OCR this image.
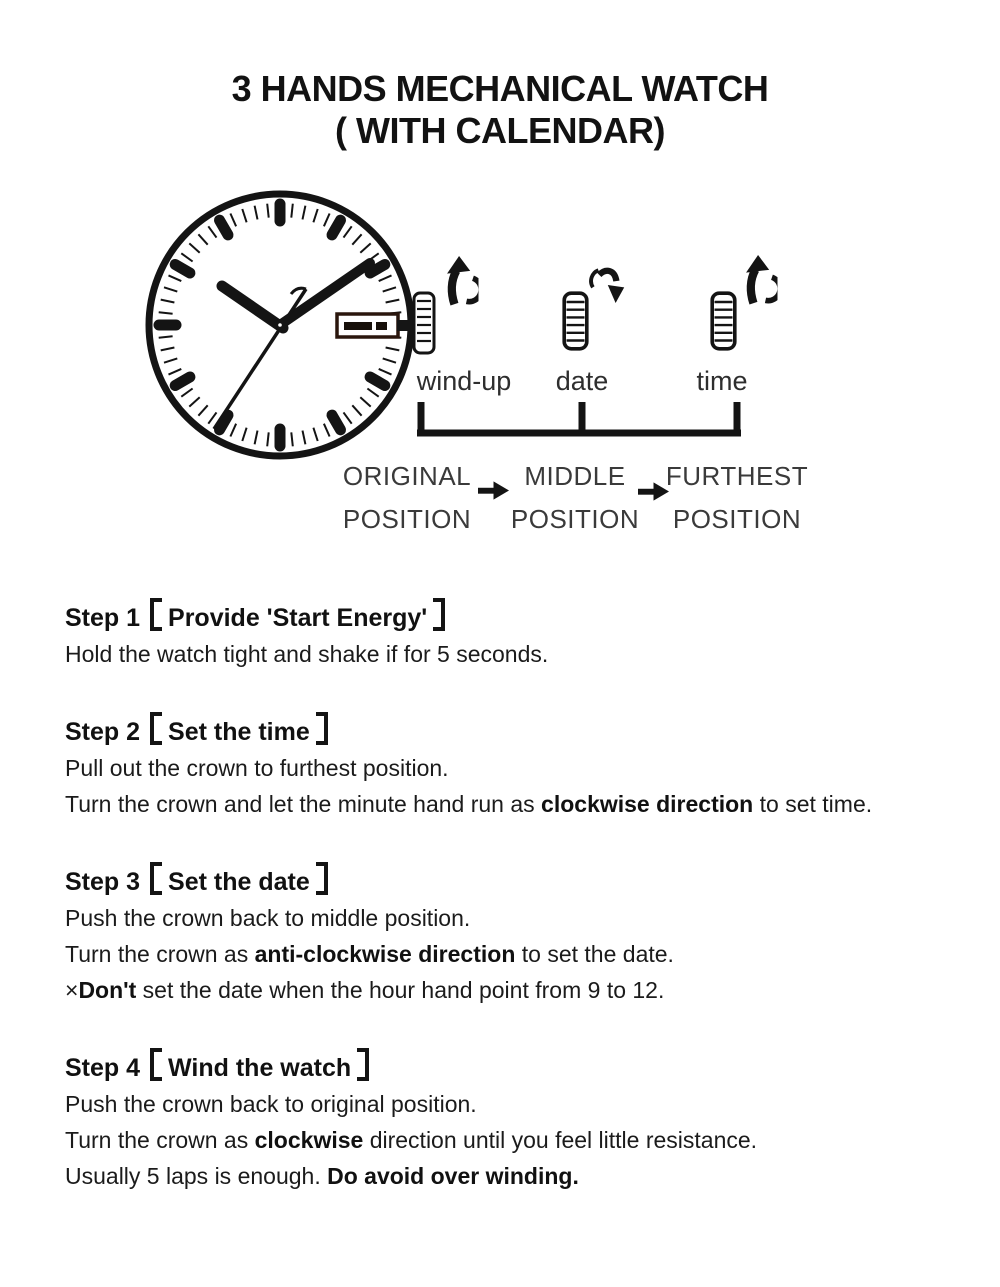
3 HANDS MECHANICAL WATCH
( WITH CALENDAR)
wind-up date	time
ORIGINAL
POSITION
MIDDLE
POSITION
FURTHEST
POSITION
Step 1 Provide 'Start Energy'

Hold the watch tight and shake if for 5 seconds.

Step 2 Set the time

Pull out the crown to furthest position.

Turn the crown and let the minute hand run as clockwise direction to set time.

Step 3 Set the date

Push the crown back to middle position.

Turn the crown as anti-clockwise direction to set the date.

×Don't set the date when the hour hand point from 9 to 12.

Step 4 Wind the watch

Push the crown back to original position.

Turn the crown as clockwise direction until you feel little resistance.

Usually 5 laps is enough. Do avoid over winding.
